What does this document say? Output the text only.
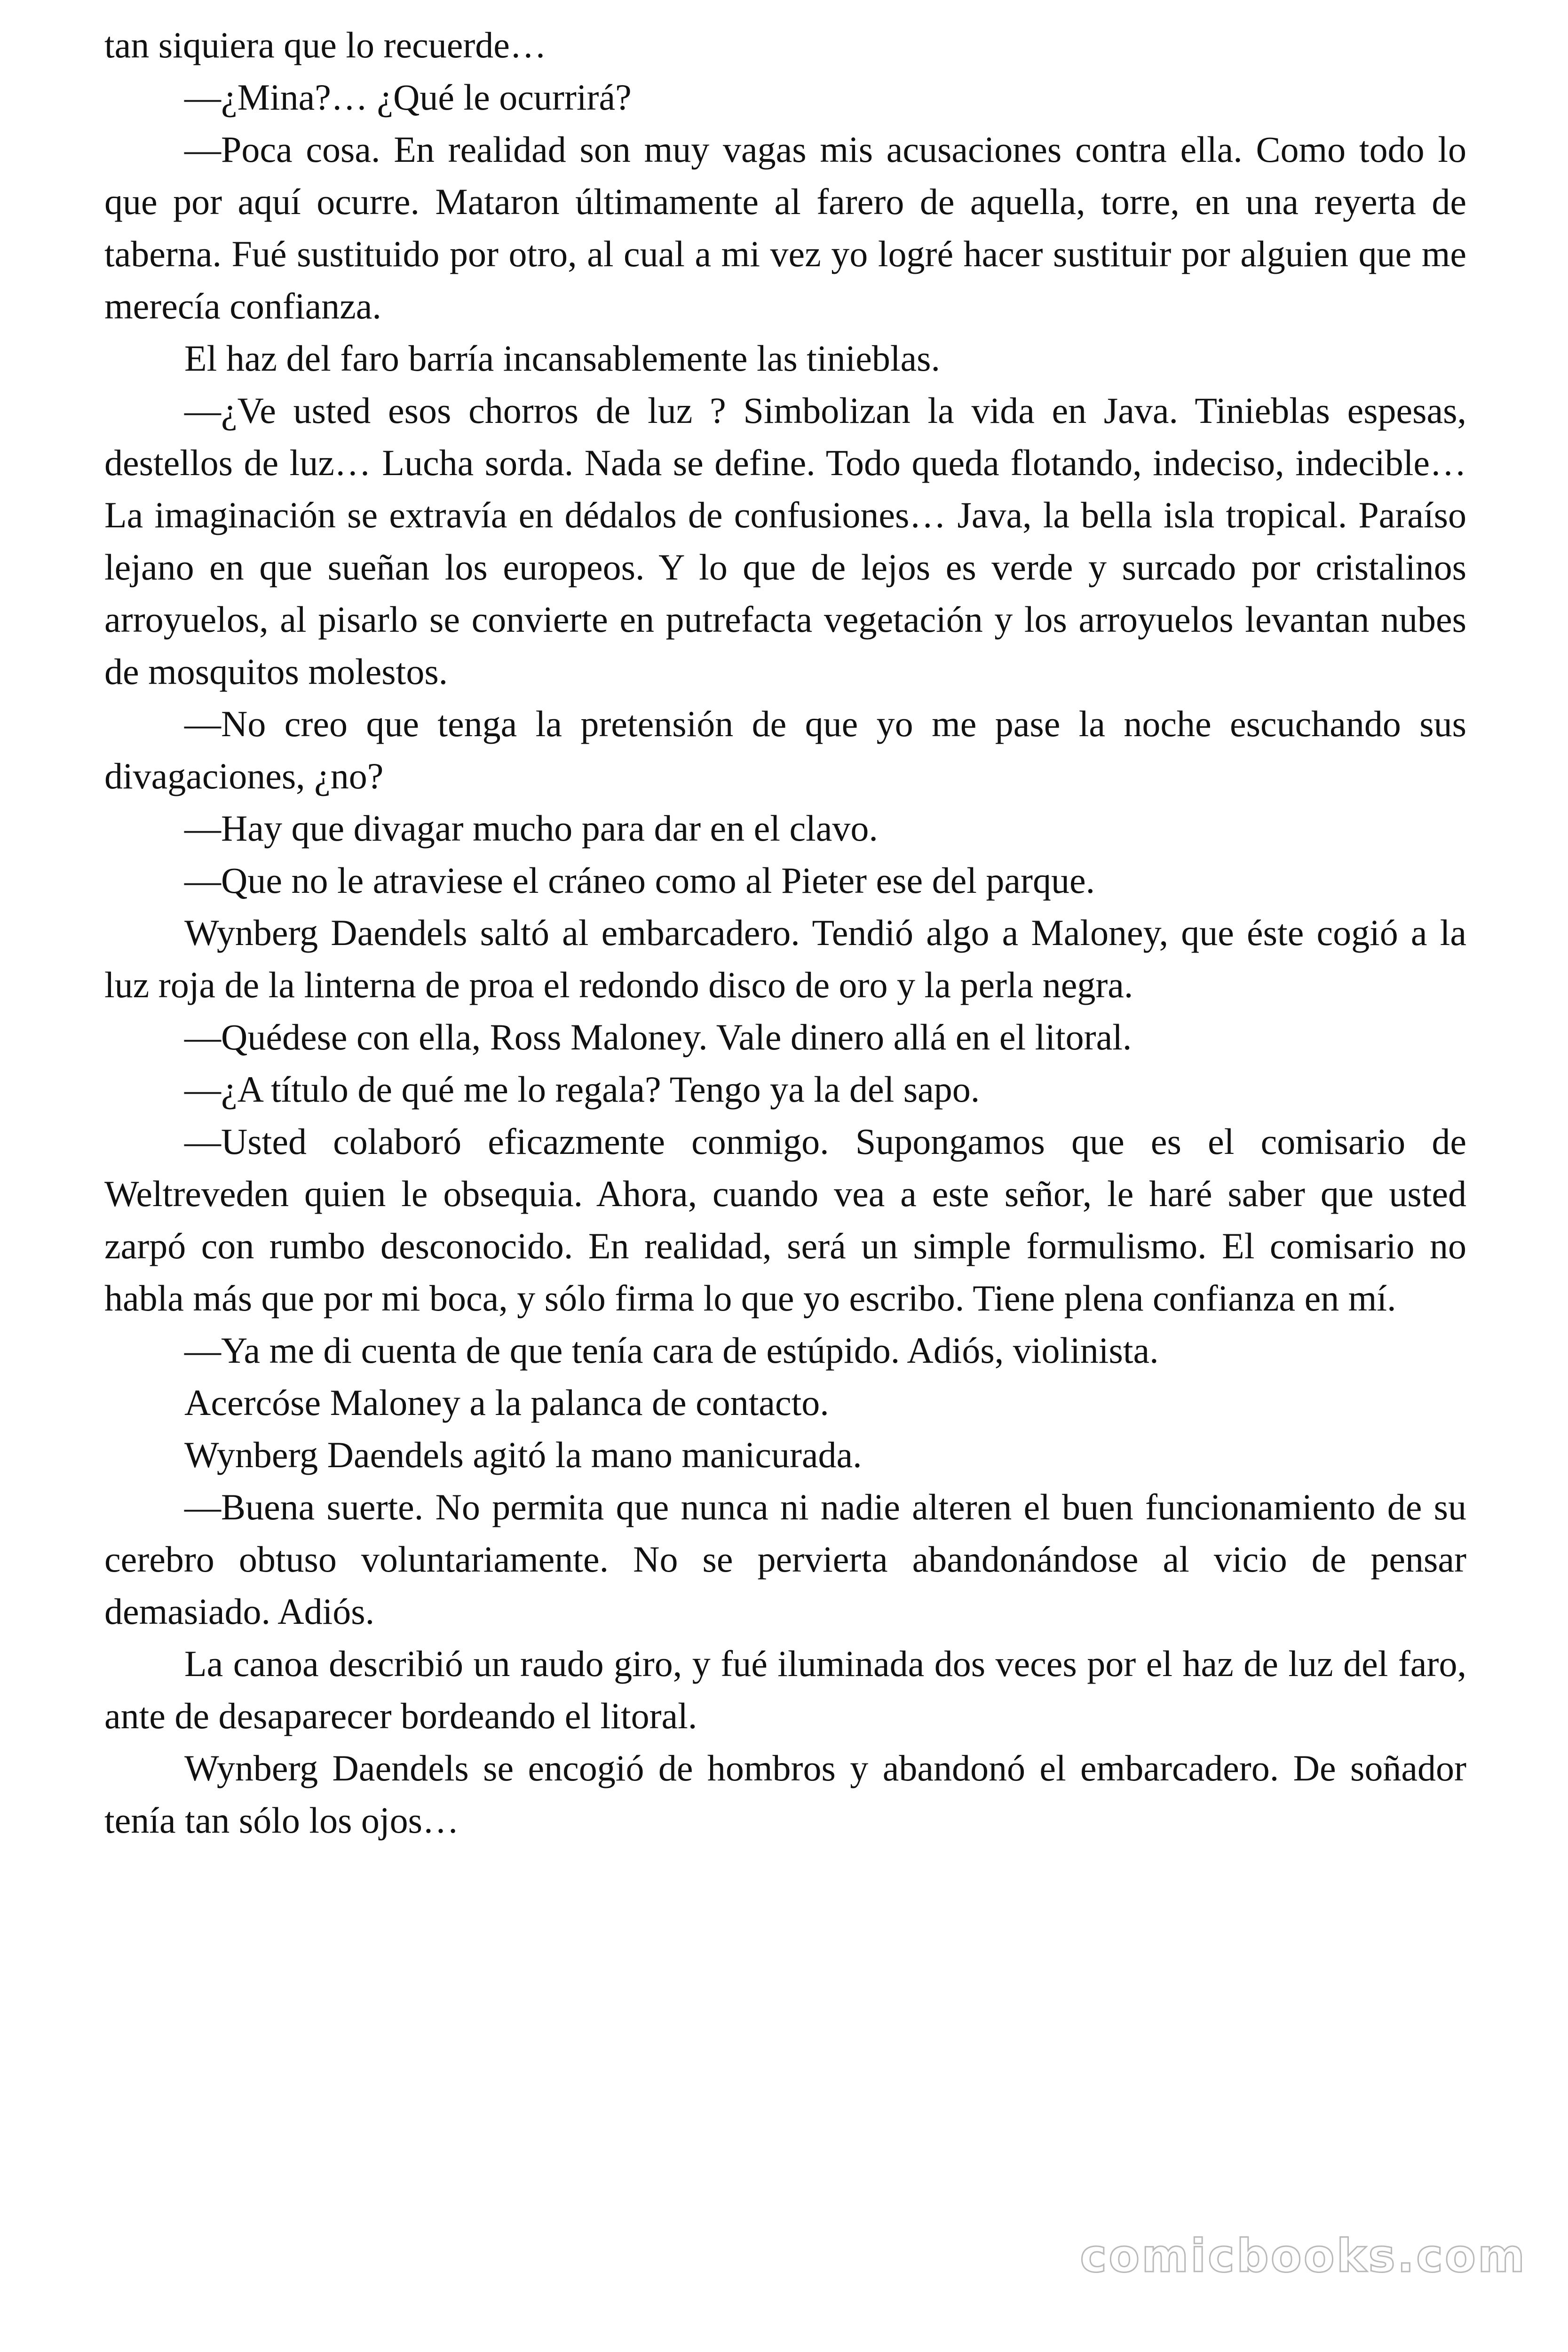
tan siquiera que lo recuerde…

—¿Mina?… ¿Qué le ocurrirá?

—Poca cosa. En realidad son muy vagas mis acusaciones contra ella. Como todo lo que por aquí ocurre. Mataron últimamente al farero de aquella, torre, en una reyerta de taberna. Fué sustituido por otro, al cual a mi vez yo logré hacer sustituir por alguien que me merecía confianza.

El haz del faro barría incansablemente las tinieblas.

—¿Ve usted esos chorros de luz ? Simbolizan la vida en Java. Tinieblas espesas, destellos de luz… Lucha sorda. Nada se define. Todo queda flotando, indeciso, indecible… La imaginación se extravía en dédalos de confusiones… Java, la bella isla tropical. Paraíso lejano en que sueñan los europeos. Y lo que de lejos es verde y surcado por cristalinos arroyuelos, al pisarlo se convierte en putrefacta vegetación y los arroyuelos levantan nubes de mosquitos molestos.

—No creo que tenga la pretensión de que yo me pase la noche escuchando sus divagaciones, ¿no?

—Hay que divagar mucho para dar en el clavo.

—Que no le atraviese el cráneo como al Pieter ese del parque.

Wynberg Daendels saltó al embarcadero. Tendió algo a Maloney, que éste cogió a la luz roja de la linterna de proa el redondo disco de oro y la perla negra.

—Quédese con ella, Ross Maloney. Vale dinero allá en el litoral.

—¿A título de qué me lo regala? Tengo ya la del sapo.

—Usted colaboró eficazmente conmigo. Supongamos que es el comisario de Weltreveden quien le obsequia. Ahora, cuando vea a este señor, le haré saber que usted zarpó con rumbo desconocido. En realidad, será un simple formulismo. El comisario no habla más que por mi boca, y sólo firma lo que yo escribo. Tiene plena confianza en mí.

—Ya me di cuenta de que tenía cara de estúpido. Adiós, violinista.

Acercóse Maloney a la palanca de contacto.

Wynberg Daendels agitó la mano manicurada.

—Buena suerte. No permita que nunca ni nadie alteren el buen funcionamiento de su cerebro obtuso voluntariamente. No se pervierta abandonándose al vicio de pensar demasiado. Adiós.

La canoa describió un raudo giro, y fué iluminada dos veces por el haz de luz del faro, ante de desaparecer bordeando el litoral.

Wynberg Daendels se encogió de hombros y abandonó el embarcadero. De soñador tenía tan sólo los ojos…

comicbooks.com
